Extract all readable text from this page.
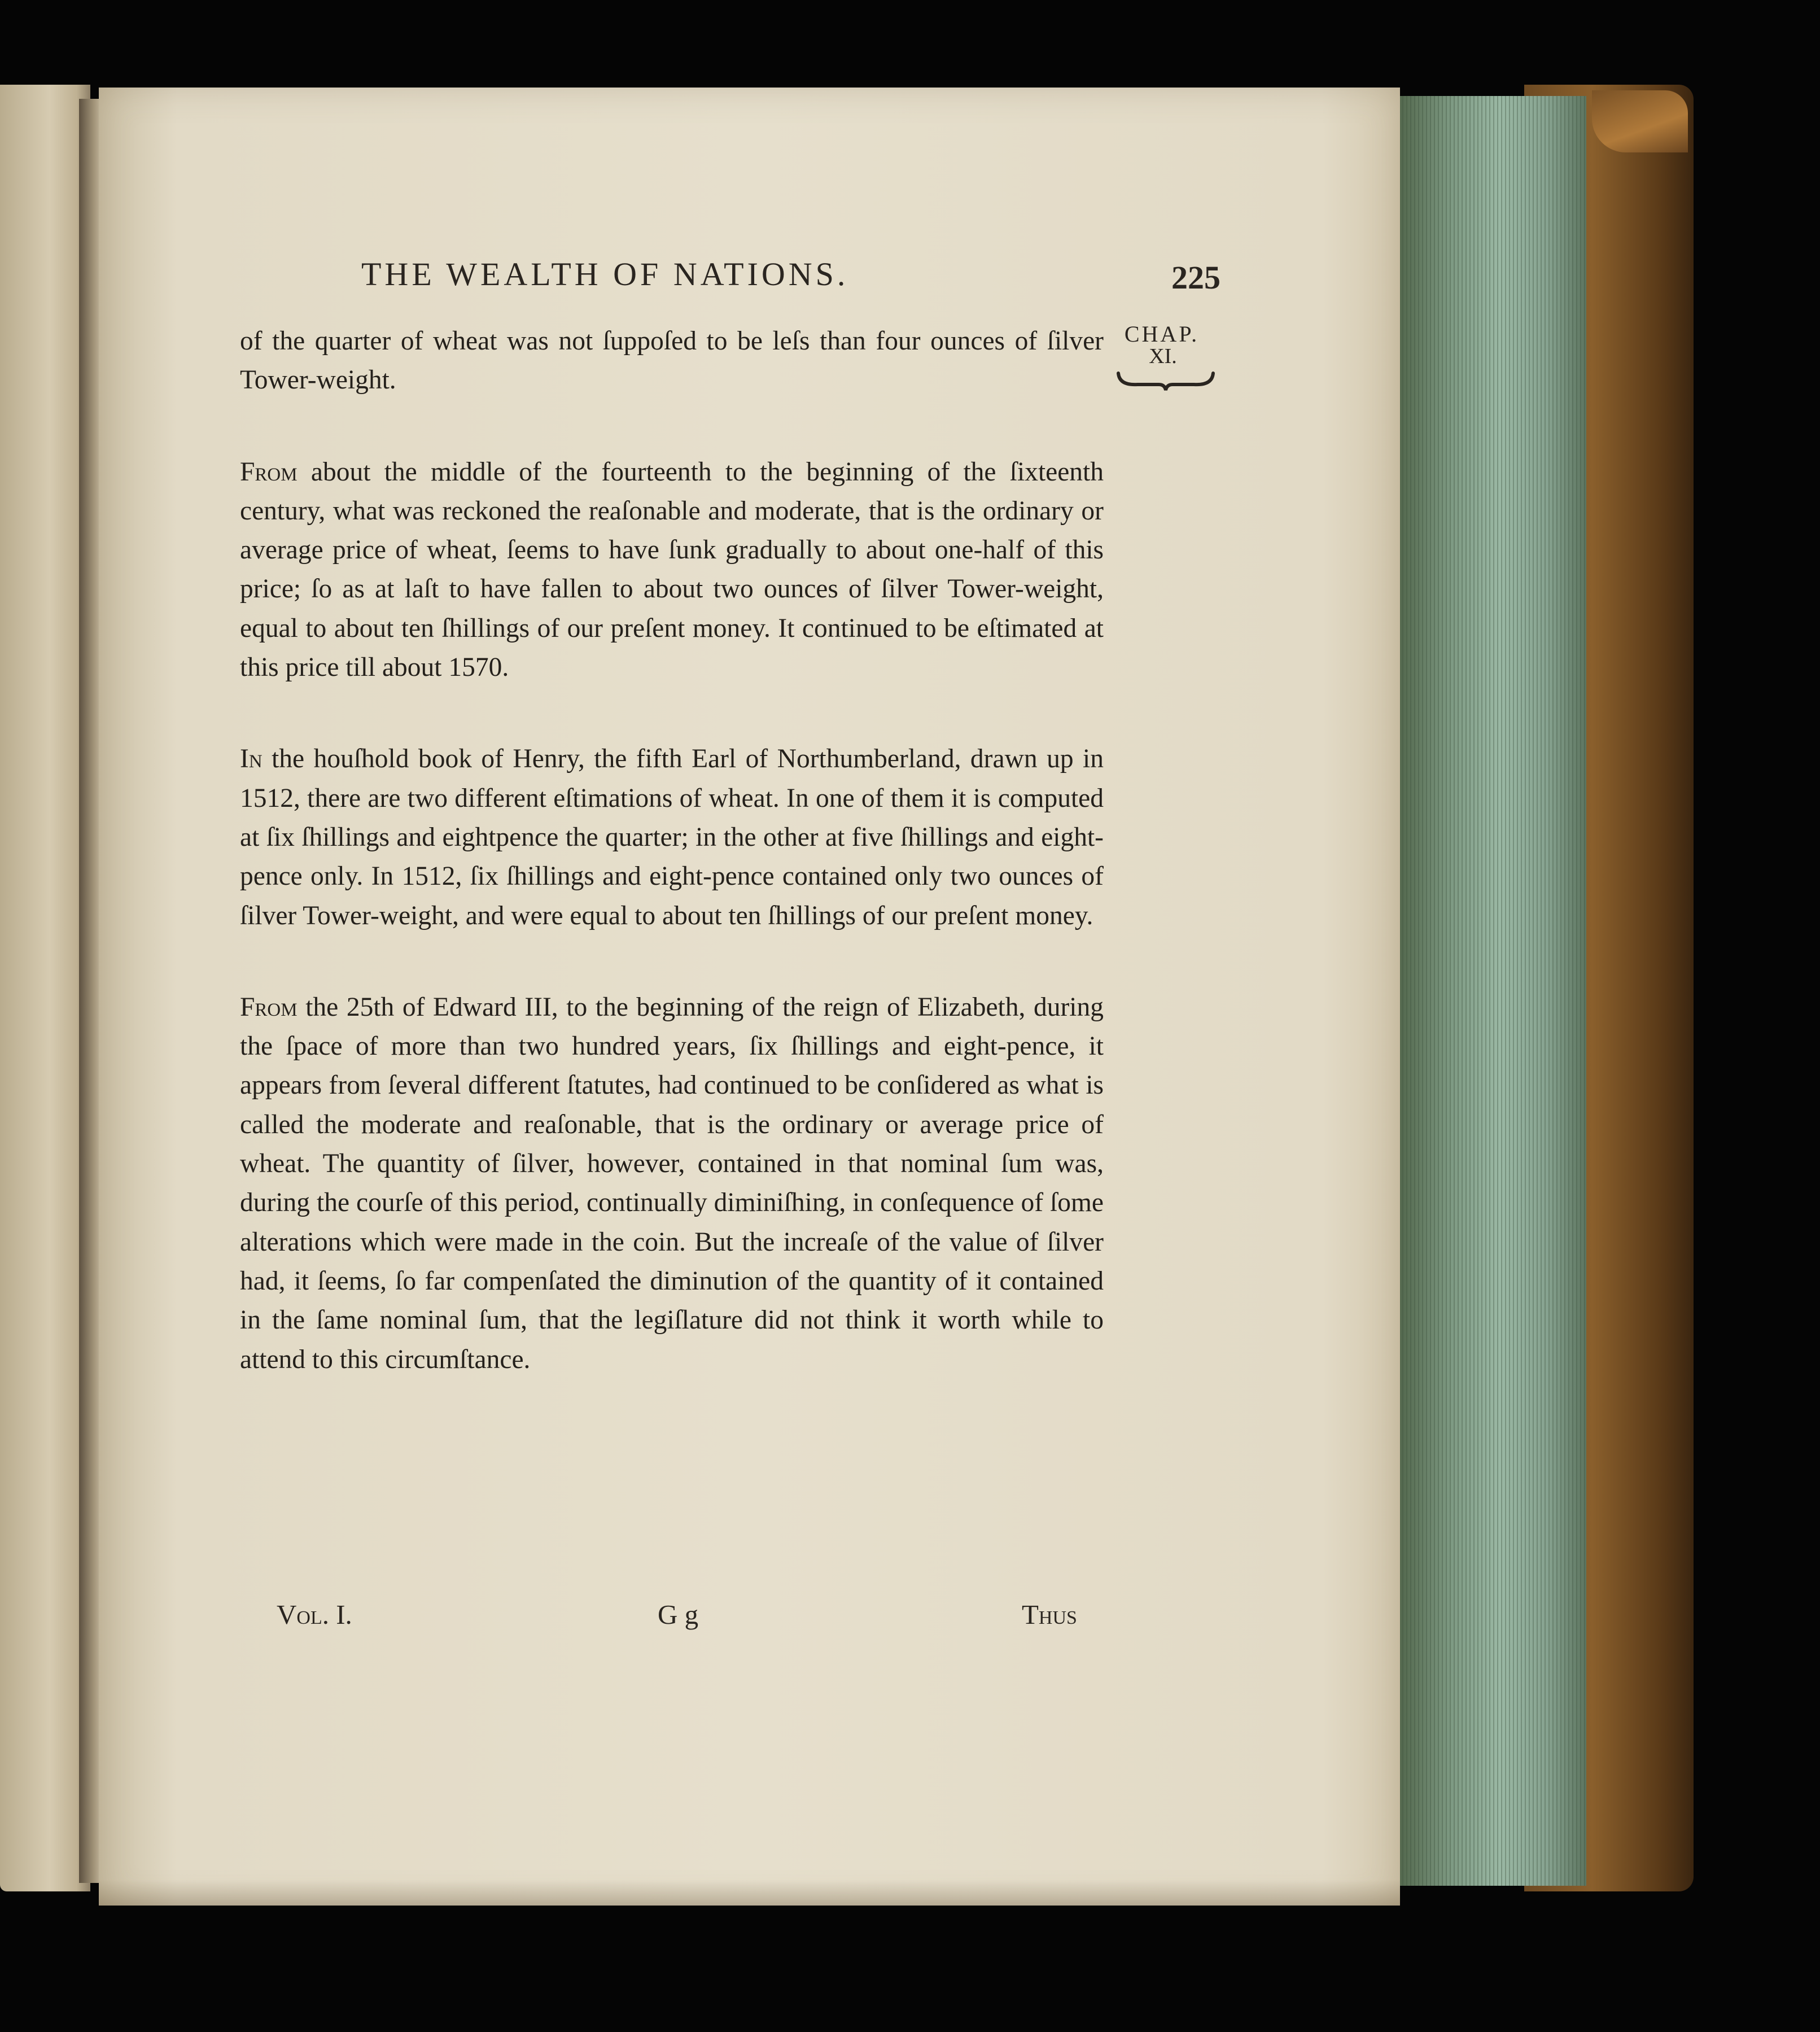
THE WEALTH OF NATIONS.	225
CHAP.
XI.

of the quarter of wheat was not ſuppoſed to be leſs than four ounces of ſilver Tower-weight.

From about the middle of the fourteenth to the beginning of the ſixteenth century, what was reckoned the reaſonable and moderate, that is the ordinary or average price of wheat, ſeems to have ſunk gradually to about one-half of this price; ſo as at laſt to have fallen to about two ounces of ſilver Tower-weight, equal to about ten ſhillings of our preſent money. It continued to be eſtimated at this price till about 1570.

In the houſhold book of Henry, the fifth Earl of Northumberland, drawn up in 1512, there are two different eſtimations of wheat. In one of them it is computed at ſix ſhillings and eightpence the quarter; in the other at five ſhillings and eight-pence only. In 1512, ſix ſhillings and eight-pence contained only two ounces of ſilver Tower-weight, and were equal to about ten ſhillings of our preſent money.

From the 25th of Edward III, to the beginning of the reign of Elizabeth, during the ſpace of more than two hundred years, ſix ſhillings and eight-pence, it appears from ſeveral different ſtatutes, had continued to be conſidered as what is called the moderate and reaſonable, that is the ordinary or average price of wheat. The quantity of ſilver, however, contained in that nominal ſum was, during the courſe of this period, continually diminiſhing, in conſequence of ſome alterations which were made in the coin. But the increaſe of the value of ſilver had, it ſeems, ſo far compenſated the diminution of the quantity of it contained in the ſame nominal ſum, that the legiſlature did not think it worth while to attend to this circumſtance.

Vol. I.	G g	Thus
